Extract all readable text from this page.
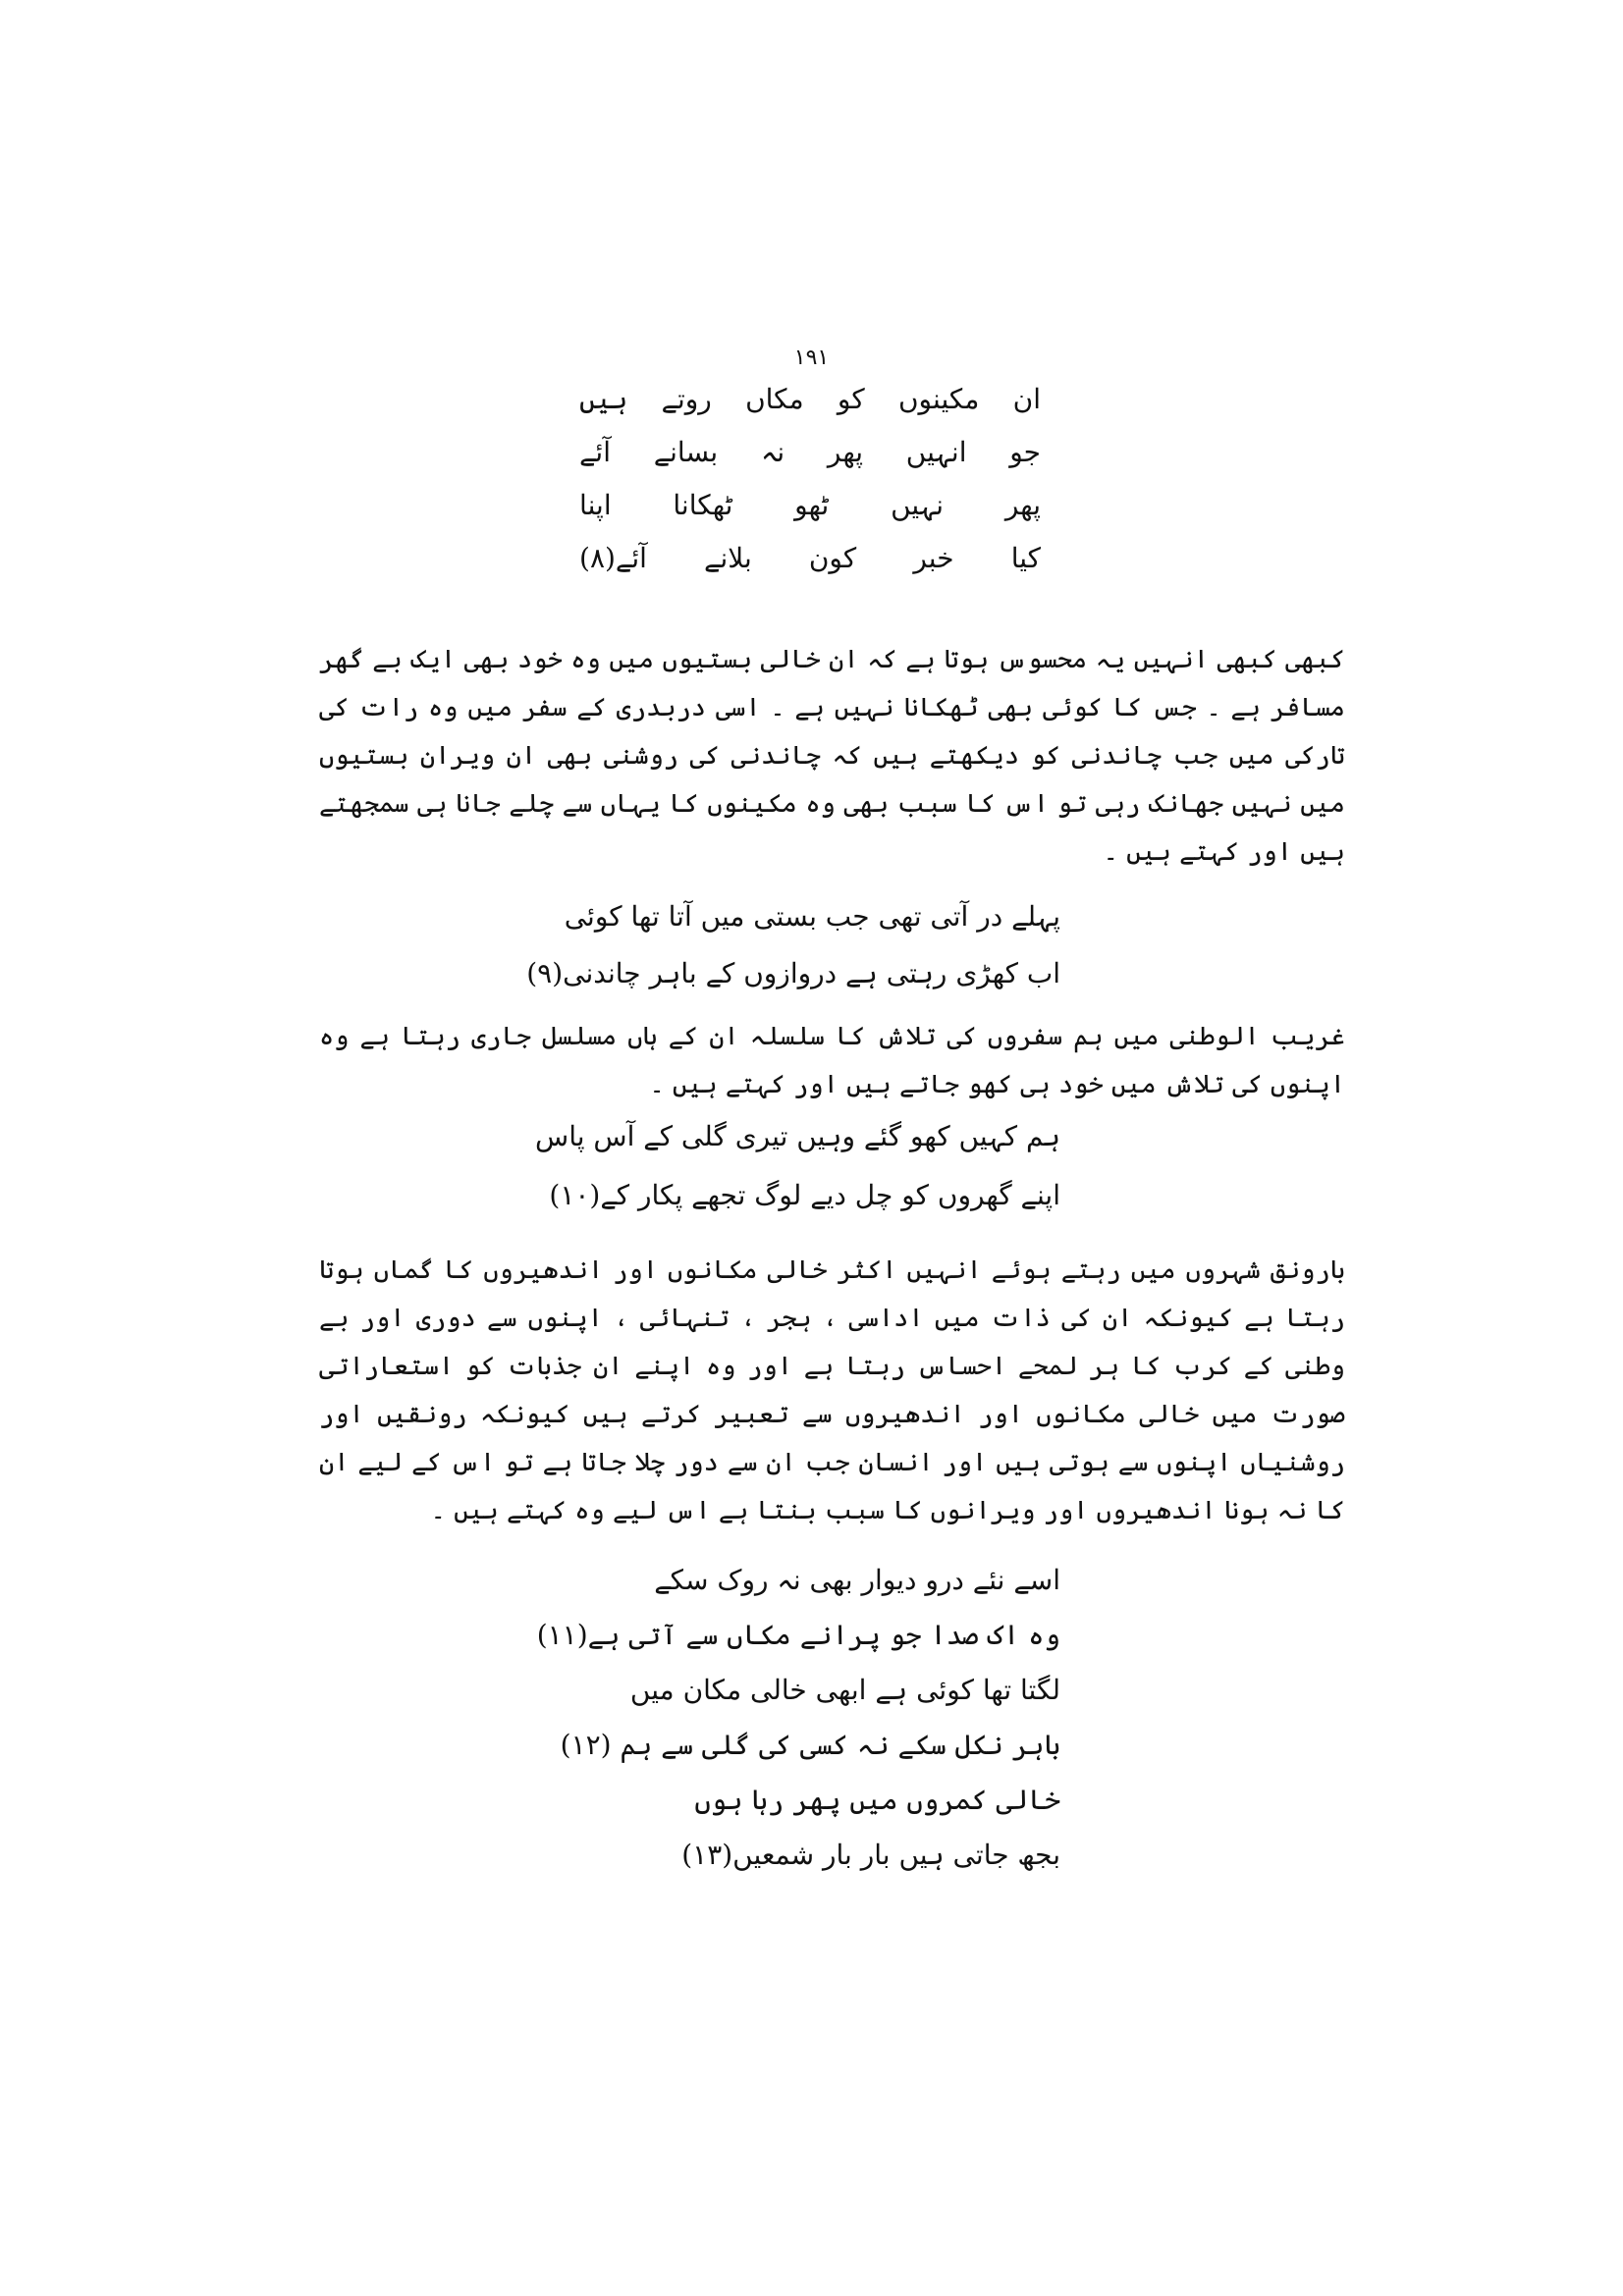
۱۹۱
ان
مکینوں
کو
مکاں
روتے
ہیں
جو
انہیں
پھر
نہ
بسانے
آئے
پھر
نہیں
ٹھو
ٹھکانا
اپنا
کیا
خبر
کون
بلانے
آئے(۸)

کبھی کبھی انہیں یہ محسوس ہوتا ہے کہ ان خالی بستیوں میں وہ خود بھی ایک بے گھر مسافر ہے ۔ جس کا کوئی بھی ٹھکانا نہیں ہے ۔ اسی دربدری کے سفر میں وہ رات کی تارکی میں جب چاندنی کو دیکھتے ہیں کہ چاندنی کی روشنی بھی ان ویران بستیوں میں نہیں جھانک رہی تو اس کا سبب بھی وہ مکینوں کا یہاں سے چلے جانا ہی سمجھتے ہیں اور کہتے ہیں ۔

پہلے در آتی تھی جب بستی میں آتا تھا کوئی
اب کھڑی رہتی ہے دروازوں کے باہر چاندنی(۹)

غریب الوطنی میں ہم سفروں کی تلاش کا سلسلہ ان کے ہاں مسلسل جاری رہتا ہے وہ اپنوں کی تلاش میں خود ہی کھو جاتے ہیں اور کہتے ہیں ۔

ہم کہیں کھو گئے وہیں تیری گلی کے آس پاس
اپنے گھروں کو چل دیے لوگ تجھے پکار کے(۱۰)

بارونق شہروں میں رہتے ہوئے انہیں اکثر خالی مکانوں اور اندھیروں کا گماں ہوتا رہتا ہے کیونکہ ان کی ذات میں اداسی ، ہجر ، تنہائی ، اپنوں سے دوری اور بے وطنی کے کرب کا ہر لمحے احساس رہتا ہے اور وہ اپنے ان جذبات کو استعاراتی صورت میں خالی مکانوں اور اندھیروں سے تعبیر کرتے ہیں کیونکہ رونقیں اور روشنیاں اپنوں سے ہوتی ہیں اور انسان جب ان سے دور چلا جاتا ہے تو اس کے لیے ان کا نہ ہونا اندھیروں اور ویرانوں کا سبب بنتا ہے اس لیے وہ کہتے ہیں ۔

اسے نئے درو دیوار بھی نہ روک سکے
وہ اک صدا جو پرانے مکاں سے آتی ہے(۱۱)
لگتا تھا کوئی ہے ابھی خالی مکان میں
باہر نکل سکے نہ کسی کی گلی سے ہم (۱۲)
خالی کمروں میں پھر رہا ہوں
بجھ جاتی ہیں بار بار شمعیں(۱۳)
